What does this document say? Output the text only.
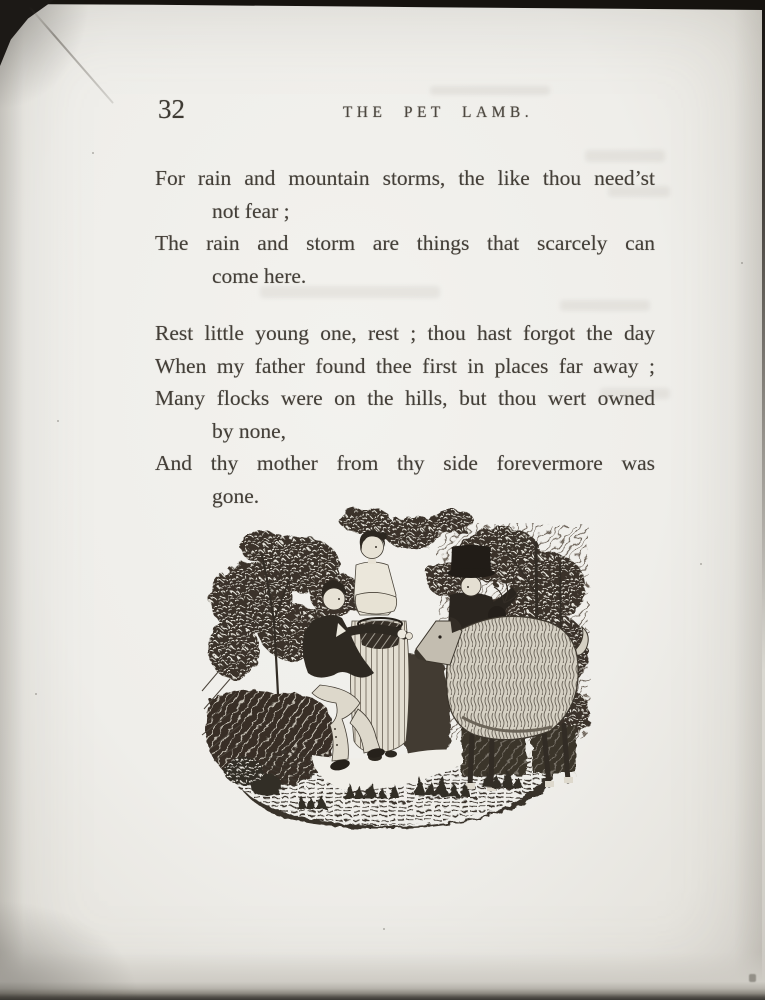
32	THE PET LAMB.
For rain and mountain storms, the like thou need’st
not fear ;
The rain and storm are things that scarcely can
come here.
Rest little young one, rest ; thou hast forgot the day
When my father found thee first in places far away ;
Many flocks were on the hills, but thou wert owned
by none,
And thy mother from thy side forevermore was
gone.
